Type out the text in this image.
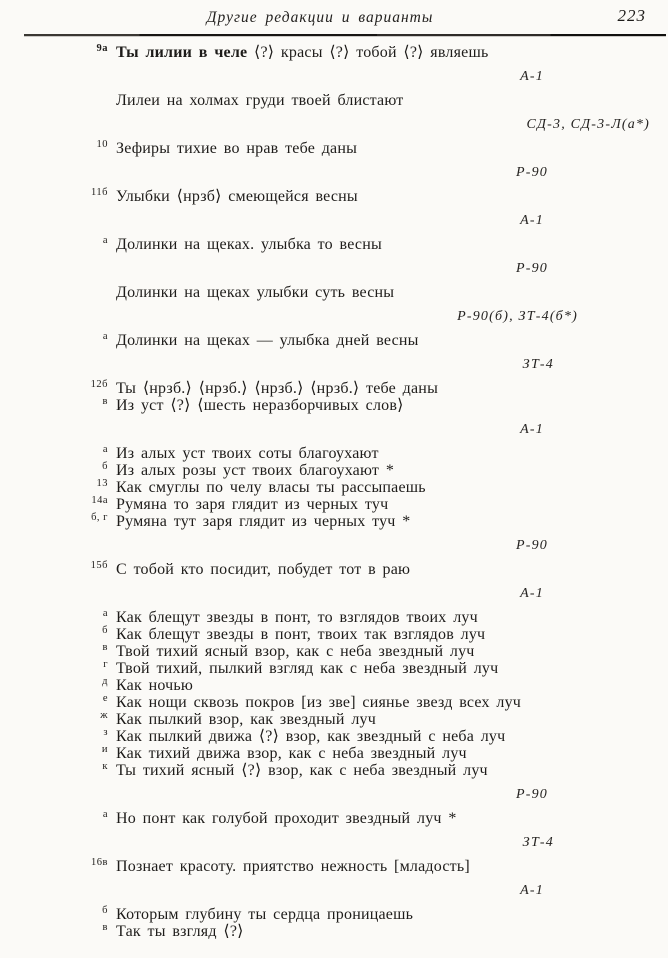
Другие редакции и варианты	223
9а Ты лилии в челе ⟨?⟩ красы ⟨?⟩ тобой ⟨?⟩ являешь
А-1
Лилеи на холмах груди твоей блистают
СД-3, СД-3-Л(а*)
10 Зефиры тихие во нрав тебе даны
Р-90
11б Улыбки ⟨нрзб⟩ смеющейся весны
А-1
а Долинки на щеках. улыбка то весны
Р-90
Долинки на щеках улыбки суть весны
Р-90(б), ЗТ-4(б*)
а Долинки на щеках — улыбка дней весны
ЗТ-4
12б Ты ⟨нрзб.⟩ ⟨нрзб.⟩ ⟨нрзб.⟩ ⟨нрзб.⟩ тебе даны
в Из уст ⟨?⟩ ⟨шесть неразборчивых слов⟩
А-1
а Из алых уст твоих соты благоухают
б Из алых розы уст твоих благоухают *
13 Как смуглы по челу власы ты рассыпаешь
14а Румяна то заря глядит из черных туч
б, г Румяна тут заря глядит из черных туч *
Р-90
15б С тобой кто посидит, побудет тот в раю
А-1
а Как блещут звезды в понт, то взглядов твоих луч
б Как блещут звезды в понт, твоих так взглядов луч
в Твой тихий ясный взор, как с неба звездный луч
г Твой тихий, пылкий взгляд как с неба звездный луч
д Как ночью
е Как нощи сквозь покров [из зве] сиянье звезд всех луч
ж Как пылкий взор, как звездный луч
з Как пылкий движа ⟨?⟩ взор, как звездный с неба луч
и Как тихий движа взор, как с неба звездный луч
к Ты тихий ясный ⟨?⟩ взор, как с неба звездный луч
Р-90
а Но понт как голубой проходит звездный луч *
ЗТ-4
16в Познает красоту. приятство нежность [младость]
А-1
б Которым глубину ты сердца проницаешь
в Так ты взгляд ⟨?⟩
